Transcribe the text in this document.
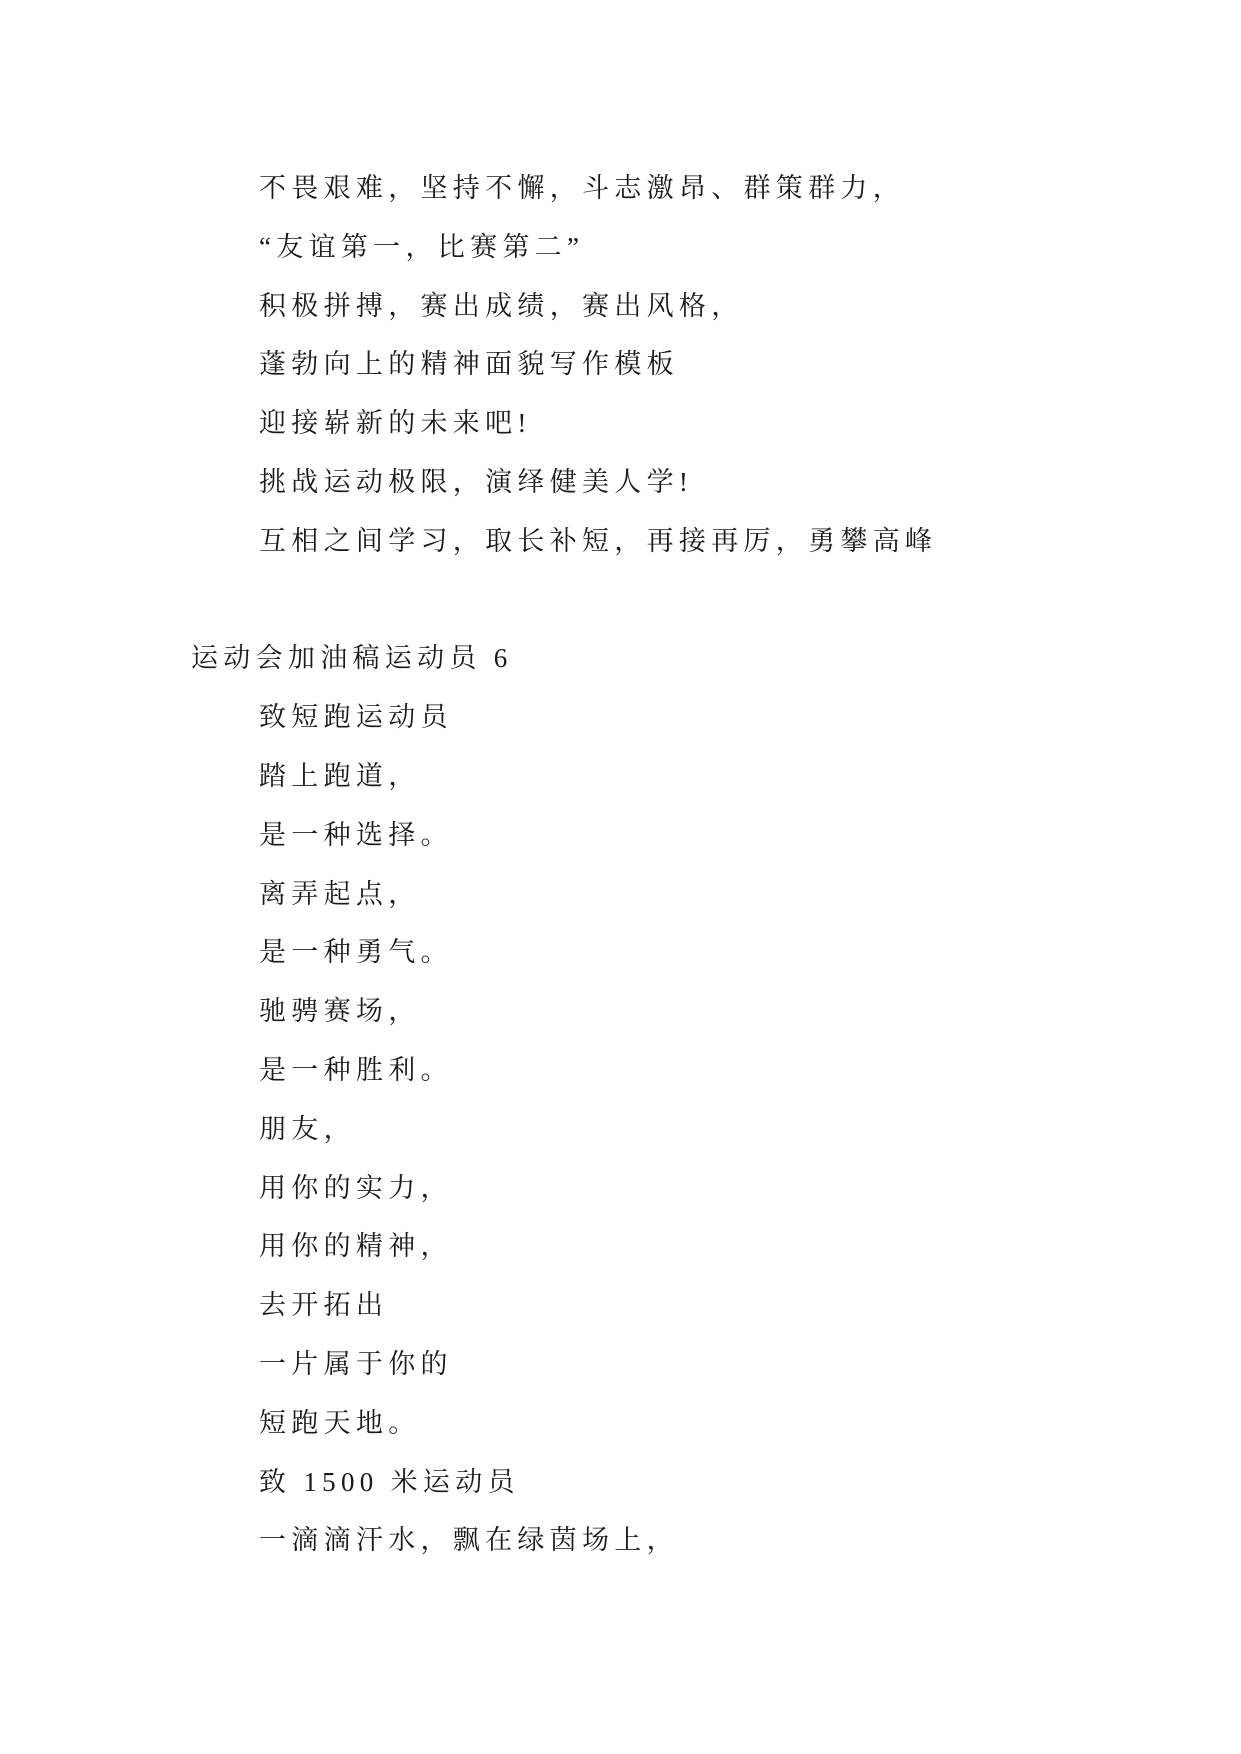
不畏艰难，坚持不懈，斗志激昂、群策群力，
“友谊第一，比赛第二”
积极拼搏，赛出成绩，赛出风格，
蓬勃向上的精神面貌写作模板
迎接崭新的未来吧!
挑战运动极限，演绎健美人学!
互相之间学习，取长补短，再接再厉，勇攀高峰
运动会加油稿运动员 6
致短跑运动员
踏上跑道，
是一种选择。
离弄起点，
是一种勇气。
驰骋赛场，
是一种胜利。
朋友，
用你的实力，
用你的精神，
去开拓出
一片属于你的
短跑天地。
致 1500 米运动员
一滴滴汗水，飘在绿茵场上，
